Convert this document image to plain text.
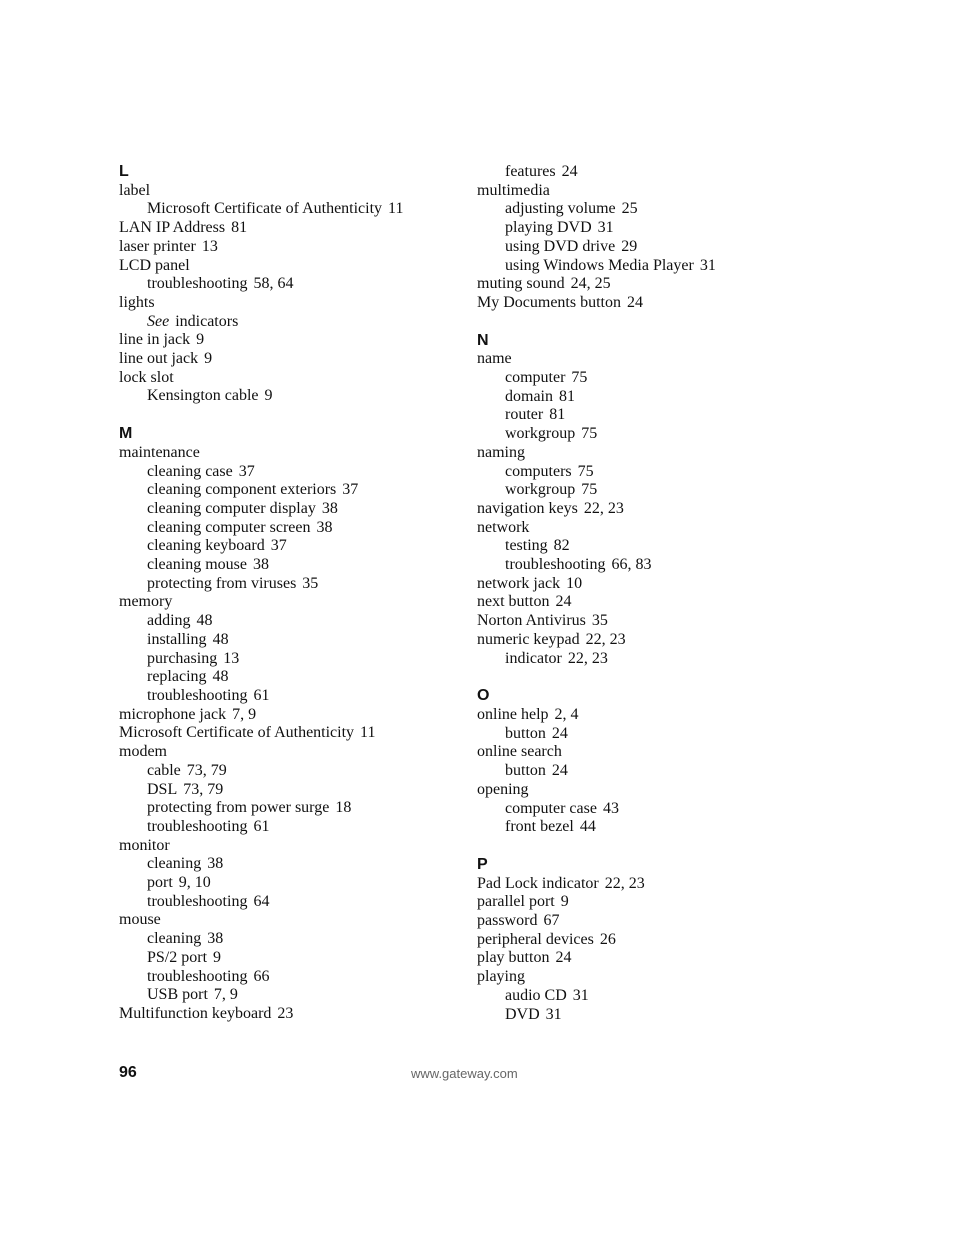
L
label
Microsoft Certificate of Authenticity 11
LAN IP Address 81
laser printer 13
LCD panel
troubleshooting 58, 64
lights
See indicators
line in jack 9
line out jack 9
lock slot
Kensington cable 9
M
maintenance
cleaning case 37
cleaning component exteriors 37
cleaning computer display 38
cleaning computer screen 38
cleaning keyboard 37
cleaning mouse 38
protecting from viruses 35
memory
adding 48
installing 48
purchasing 13
replacing 48
troubleshooting 61
microphone jack 7, 9
Microsoft Certificate of Authenticity 11
modem
cable 73, 79
DSL 73, 79
protecting from power surge 18
troubleshooting 61
monitor
cleaning 38
port 9, 10
troubleshooting 64
mouse
cleaning 38
PS/2 port 9
troubleshooting 66
USB port 7, 9
Multifunction keyboard 23
features 24
multimedia
adjusting volume 25
playing DVD 31
using DVD drive 29
using Windows Media Player 31
muting sound 24, 25
My Documents button 24
N
name
computer 75
domain 81
router 81
workgroup 75
naming
computers 75
workgroup 75
navigation keys 22, 23
network
testing 82
troubleshooting 66, 83
network jack 10
next button 24
Norton Antivirus 35
numeric keypad 22, 23
indicator 22, 23
O
online help 2, 4
button 24
online search
button 24
opening
computer case 43
front bezel 44
P
Pad Lock indicator 22, 23
parallel port 9
password 67
peripheral devices 26
play button 24
playing
audio CD 31
DVD 31
96	www.gateway.com
